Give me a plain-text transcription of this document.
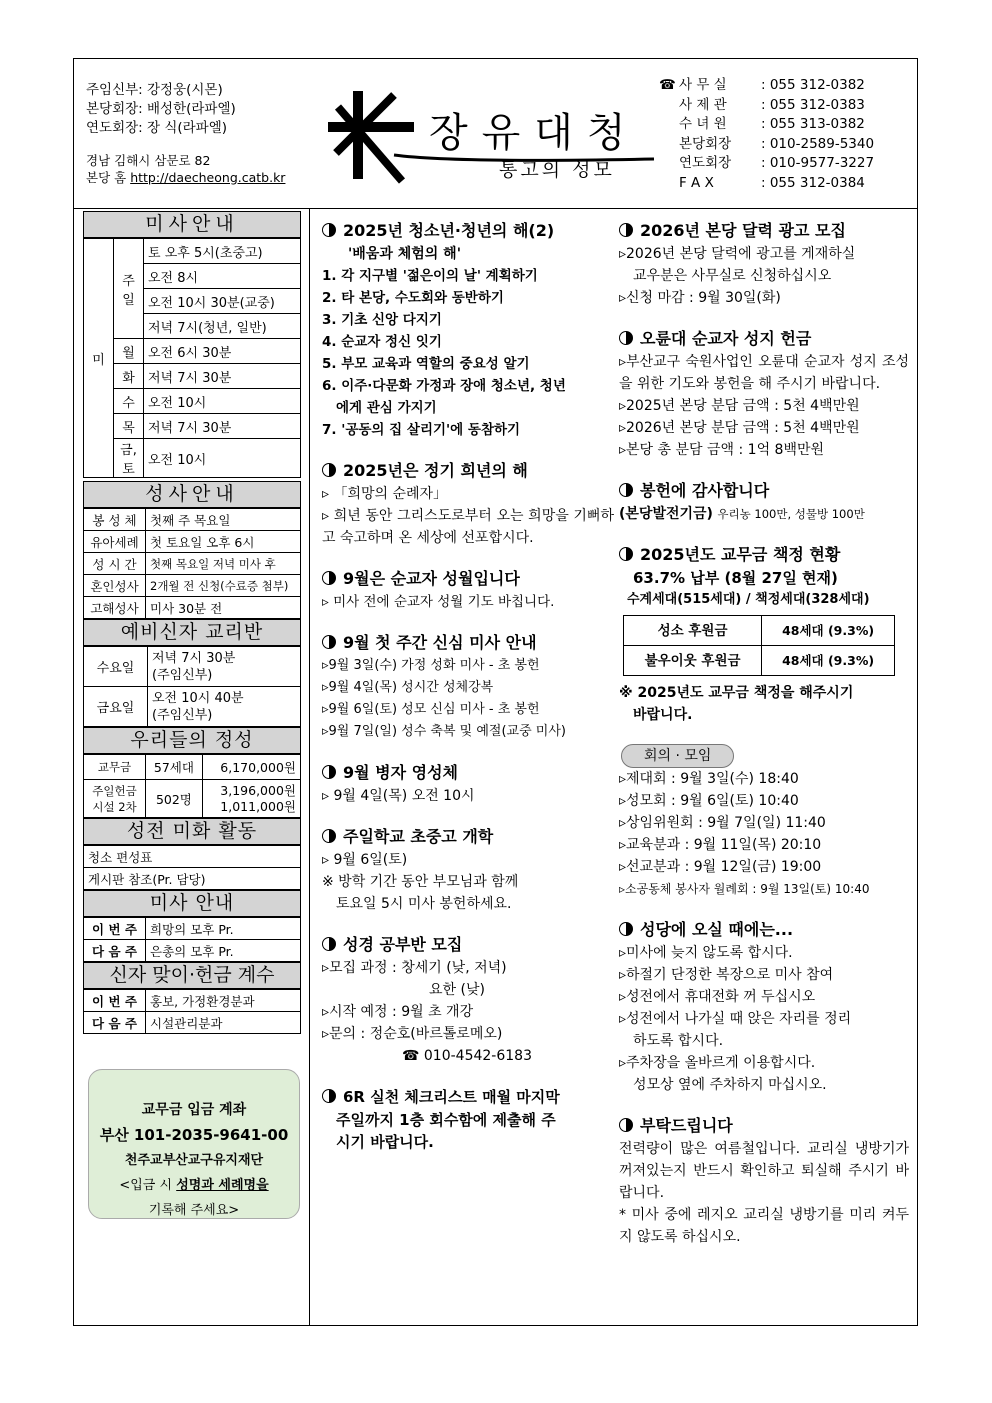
주임신부: 강정웅(시몬)
본당회장: 배성한(라파엘)
연도회장: 장 식(라파엘)
경남 김해시 삼문로 82
본당 홈 http://daecheong.catb.kr
장유대청
통고의 성모
☎ 사 무 실	: 055 312-0382
사 제 관	: 055 312-0383
수 녀 원	: 055 313-0382
본당회장	: 010-2589-5340
연도회장	: 010-9577-3227
F A X	: 055 312-0384
미사안내
미	주
일	토 오후 5시(초중고)
		오전 8시
		오전 10시 30분(교중)
		저녁 7시(청년, 일반)
	월	오전 6시 30분
	화	저녁 7시 30분
	수	오전 10시
	목	저녁 7시 30분
	금, 토	오전 10시
성사안내
봉 성 체	첫째 주 목요일
유아세례	첫 토요일 오후 6시
성 시 간	첫째 목요일 저녁 미사 후
혼인성사	2개월 전 신청(수료증 첨부)
고해성사	미사 30분 전
예비신자 교리반
수요일	저녁 7시 30분
(주임신부)
금요일	오전 10시 40분
(주임신부)
우리들의 정성
교무금	57세대	6,170,000원
주일헌금
시설 2차	502명	3,196,000원
1,011,000원
성전 미화 활동
청소 편성표
게시판 참조(Pr. 담당)
미사 안내
이 번 주	희망의 모후 Pr.
다 음 주	은총의 모후 Pr.
신자 맞이·헌금 계수
이 번 주	홍보, 가정환경분과
다 음 주	시설관리분과
교무금 입금 계좌
부산 101-2035-9641-00
천주교부산교구유지재단
<입금 시 성명과 세례명을
기록해 주세요>
2025년 청소년·청년의 해(2)
'배움과 체험의 해'
1. 각 지구별 '젊은이의 날' 계획하기
2. 타 본당, 수도회와 동반하기
3. 기초 신앙 다지기
4. 순교자 정신 잇기
5. 부모 교육과 역할의 중요성 알기
6. 이주·다문화 가정과 장애 청소년, 청년
에게 관심 가지기
7. '공동의 집 살리기'에 동참하기
2025년은 정기 희년의 해
▹ 「희망의 순례자」
▹ 희년 동안 그리스도로부터 오는 희망을 기뻐하고 숙고하며 온 세상에 선포합시다.
9월은 순교자 성월입니다
▹ 미사 전에 순교자 성월 기도 바칩니다.
9월 첫 주간 신심 미사 안내
▹9월 3일(수) 가정 성화 미사 - 초 봉헌
▹9월 4일(목) 성시간 성체강복
▹9월 6일(토) 성모 신심 미사 - 초 봉헌
▹9월 7일(일) 성수 축복 및 예절(교중 미사)
9월 병자 영성체
▹ 9월 4일(목) 오전 10시
주일학교 초중고 개학
▹ 9월 6일(토)
※ 방학 기간 동안 부모님과 함께
토요일 5시 미사 봉헌하세요.
성경 공부반 모집
▹모집 과정 : 창세기 (낮, 저녁)
요한 (낮)
▹시작 예정 : 9월 초 개강
▹문의 : 정순호(바르톨로메오)
☎ 010-4542-6183
6R 실천 체크리스트 매월 마지막
주일까지 1층 회수함에 제출해 주
시기 바랍니다.
2026년 본당 달력 광고 모집
▹2026년 본당 달력에 광고를 게재하실
교우분은 사무실로 신청하십시오
▹신청 마감 : 9월 30일(화)
오륜대 순교자 성지 헌금
▹부산교구 숙원사업인 오륜대 순교자 성지 조성을 위한 기도와 봉헌을 해 주시기 바랍니다.
▹2025년 본당 분담 금액 : 5천 4백만원
▹2026년 본당 분담 금액 : 5천 4백만원
▹본당 총 분담 금액 : 1억 8백만원
봉헌에 감사합니다
(본당발전기금) 우리농 100만, 성물방 100만
2025년도 교무금 책정 현황
63.7% 납부 (8월 27일 현재)
수계세대(515세대) / 책정세대(328세대)
성소 후원금	48세대 (9.3%)
불우이웃 후원금	48세대 (9.3%)
※ 2025년도 교무금 책정을 해주시기
바랍니다.
회의 · 모임
▹제대회 : 9월 3일(수) 18:40
▹성모회 : 9월 6일(토) 10:40
▹상임위원회 : 9월 7일(일) 11:40
▹교육분과 : 9월 11일(목) 20:10
▹선교분과 : 9월 12일(금) 19:00
▹소공동체 봉사자 월례회 : 9월 13일(토) 10:40
성당에 오실 때에는...
▹미사에 늦지 않도록 합시다.
▹하절기 단정한 복장으로 미사 참여
▹성전에서 휴대전화 꺼 두십시오
▹성전에서 나가실 때 앉은 자리를 정리
하도록 합시다.
▹주차장을 올바르게 이용합시다.
성모상 옆에 주차하지 마십시오.
부탁드립니다
전력량이 많은 여름철입니다. 교리실 냉방기가 꺼져있는지 반드시 확인하고 퇴실해 주시기 바랍니다.
* 미사 중에 레지오 교리실 냉방기를 미리 켜두지 않도록 하십시오.
